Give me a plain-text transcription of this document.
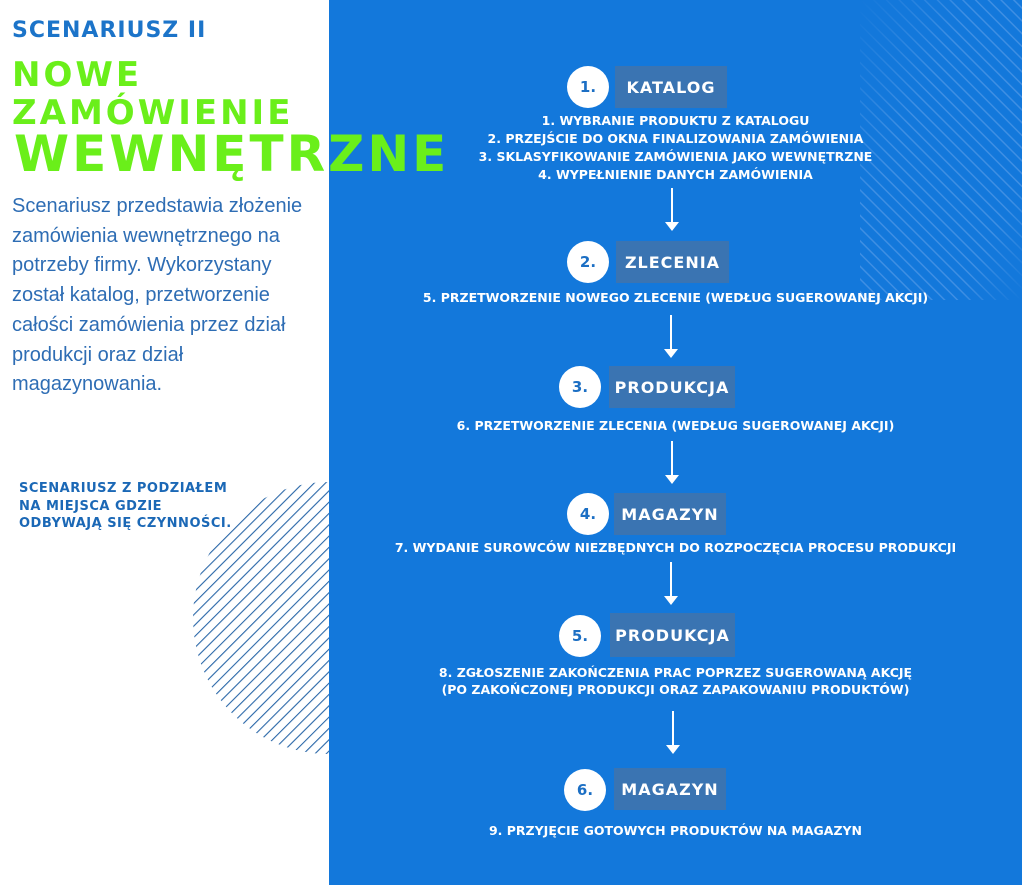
SCENARIUSZ II
NOWE
ZAMÓWIENIE
WEWNĘTRZNE
Scenariusz przedstawia złożenie zamówienia wewnętrznego na potrzeby firmy. Wykorzystany został katalog, przetworzenie całości zamówienia przez dział produkcji oraz dział magazynowania.
SCENARIUSZ Z PODZIAŁEM NA MIEJSCA GDZIE ODBYWAJĄ SIĘ CZYNNOŚCI.
1.	KATALOG
1. WYBRANIE PRODUKTU Z KATALOGU
2. PRZEJŚCIE DO OKNA FINALIZOWANIA ZAMÓWIENIA
3. SKLASYFIKOWANIE ZAMÓWIENIA JAKO WEWNĘTRZNE
4. WYPEŁNIENIE DANYCH ZAMÓWIENIA
2.	ZLECENIA
5. PRZETWORZENIE NOWEGO ZLECENIE (WEDŁUG SUGEROWANEJ AKCJI)
3.	PRODUKCJA
6. PRZETWORZENIE ZLECENIA (WEDŁUG SUGEROWANEJ AKCJI)
4.	MAGAZYN
7. WYDANIE SUROWCÓW NIEZBĘDNYCH DO ROZPOCZĘCIA PROCESU PRODUKCJI
5.	PRODUKCJA
8. ZGŁOSZENIE ZAKOŃCZENIA PRAC POPRZEZ SUGEROWANĄ AKCJĘ
(PO ZAKOŃCZONEJ PRODUKCJI ORAZ ZAPAKOWANIU PRODUKTÓW)
6.	MAGAZYN
9. PRZYJĘCIE GOTOWYCH PRODUKTÓW NA MAGAZYN
